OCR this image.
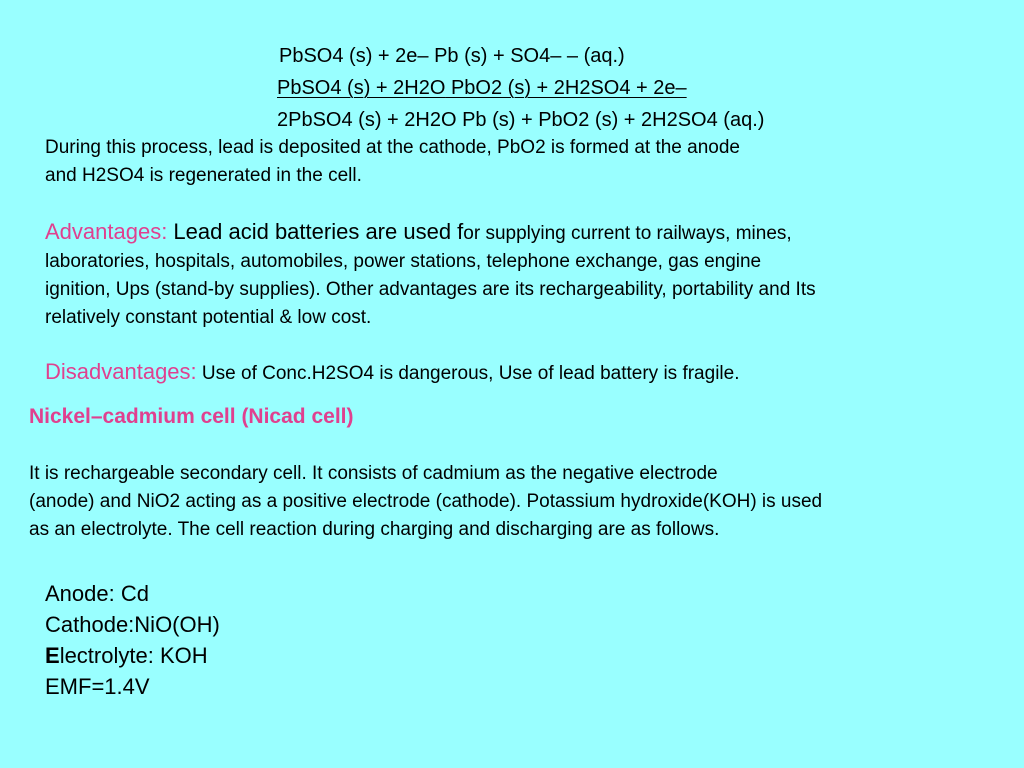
PbSO4 (s) + 2e– Pb (s) + SO4– – (aq.)
PbSO4 (s) + 2H2O PbO2 (s) + 2H2SO4 + 2e–
2PbSO4 (s) + 2H2O Pb (s) + PbO2 (s) + 2H2SO4 (aq.)
During this process, lead is deposited at the cathode, PbO2 is formed at the anode
and H2SO4 is regenerated in the cell.
Advantages: Lead acid batteries are used for supplying current to railways, mines,
laboratories, hospitals, automobiles, power stations, telephone exchange, gas engine
ignition, Ups (stand-by supplies). Other advantages are its rechargeability, portability and Its
relatively constant potential & low cost.
Disadvantages: Use of Conc.H2SO4 is dangerous, Use of lead battery is fragile.
Nickel–cadmium cell (Nicad cell)
It is rechargeable secondary cell. It consists of cadmium as the negative electrode
(anode) and NiO2 acting as a positive electrode (cathode). Potassium hydroxide(KOH) is used
as an electrolyte. The cell reaction during charging and discharging are as follows.
Anode: Cd
Cathode:NiO(OH)
Electrolyte: KOH
EMF=1.4V
